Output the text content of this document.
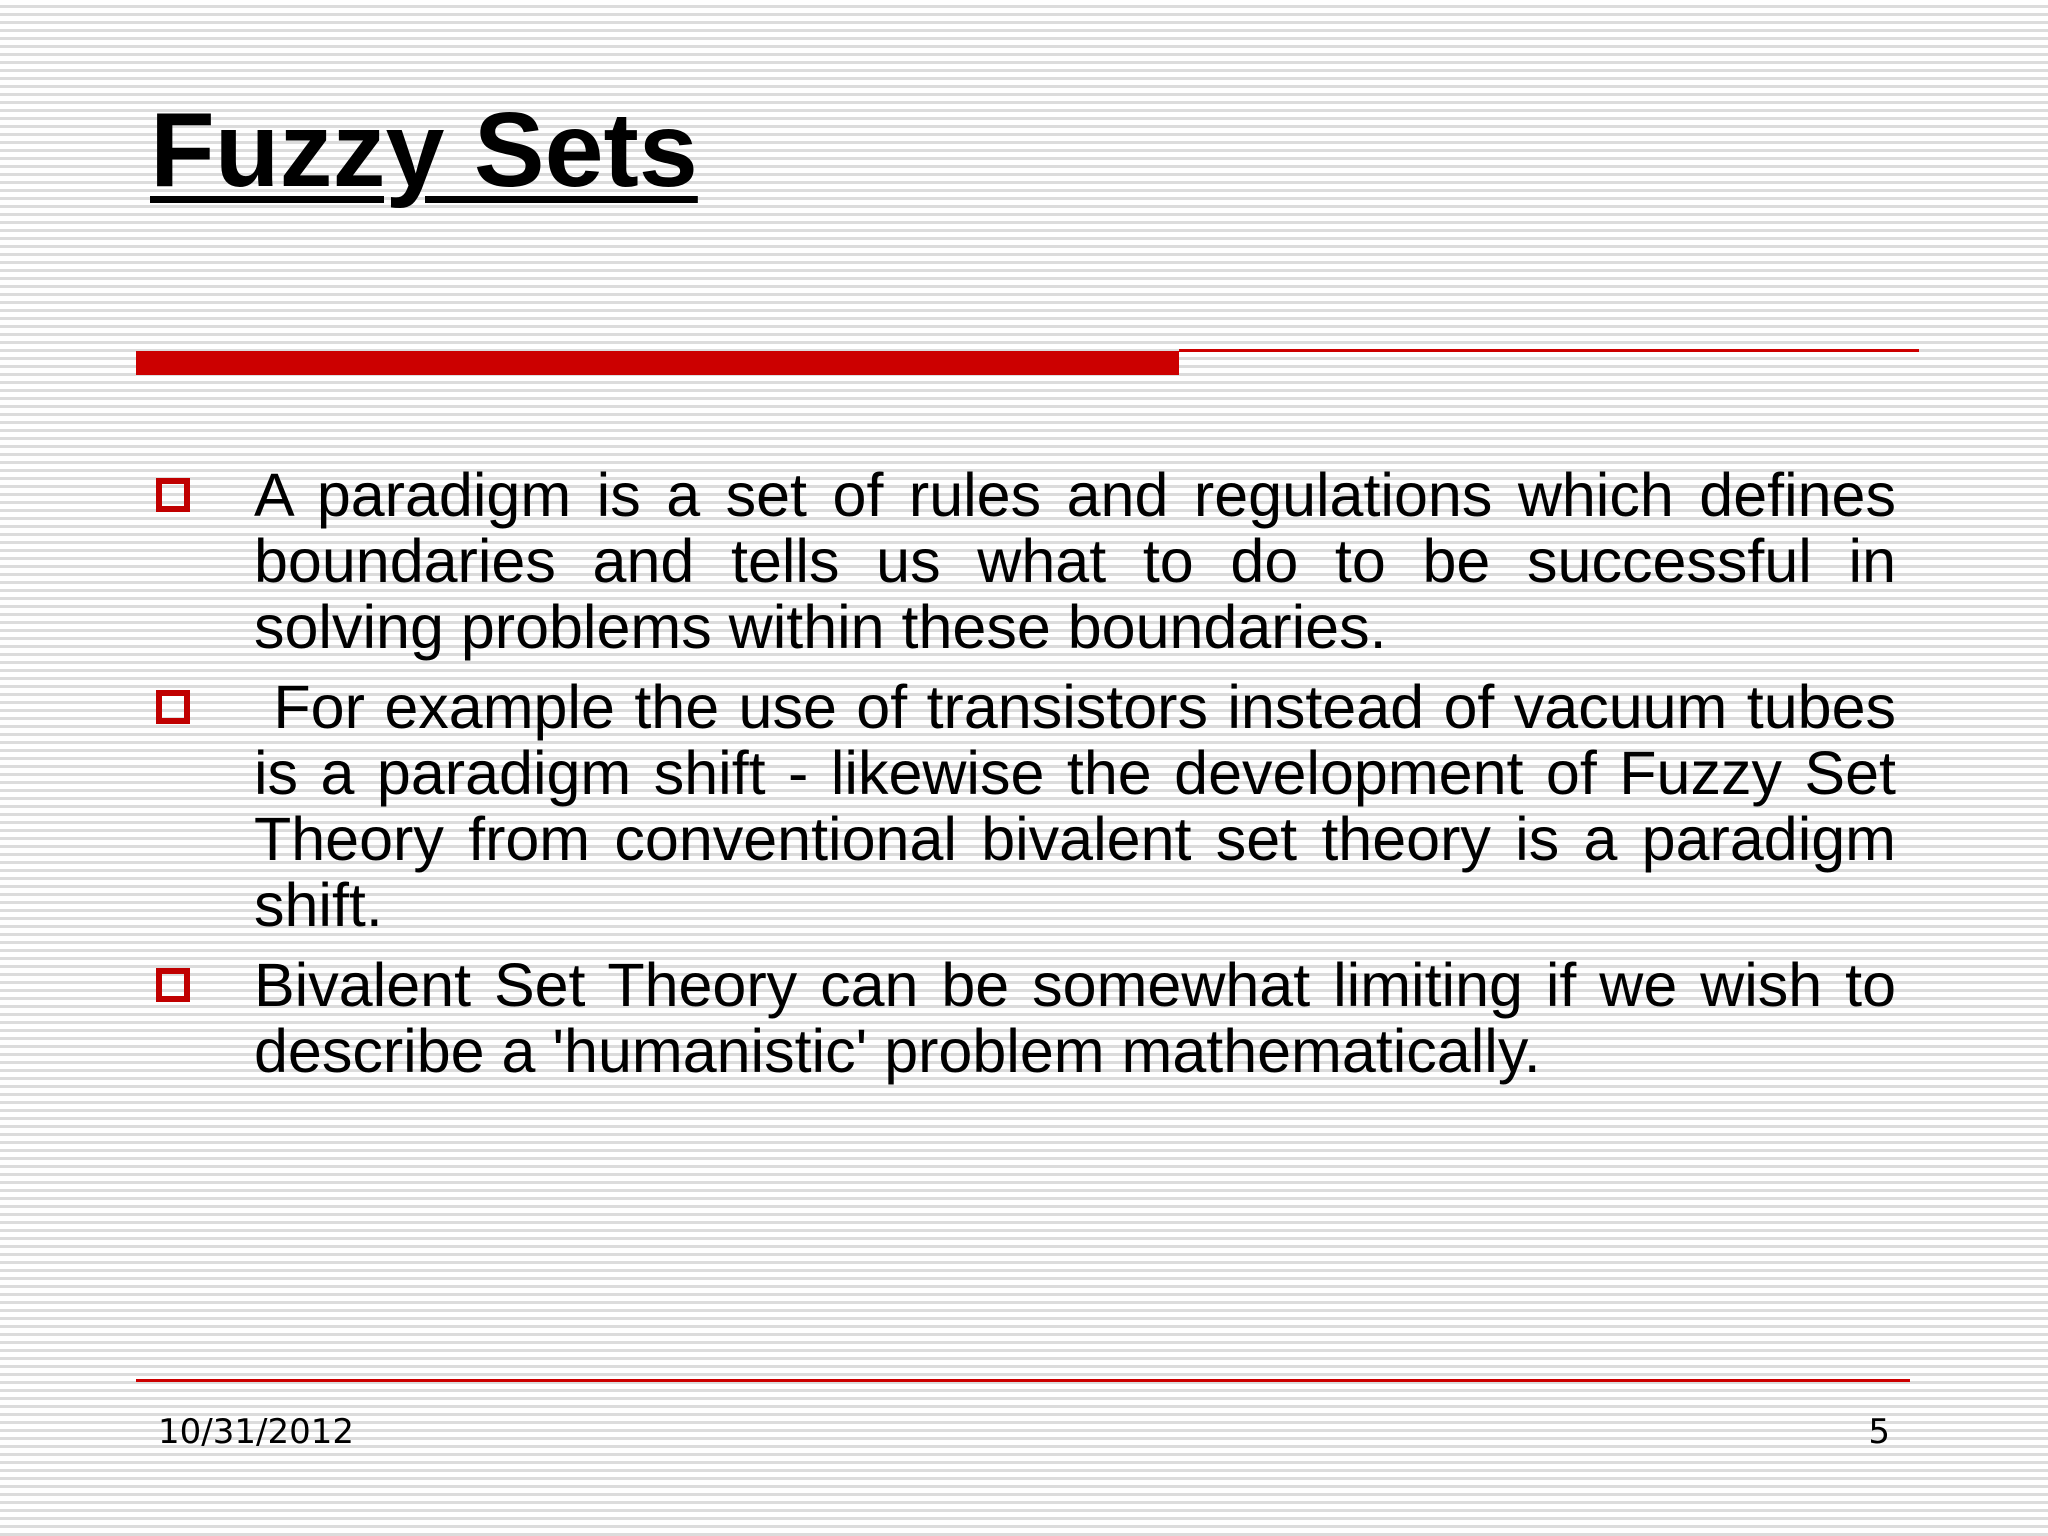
Fuzzy Sets
A paradigm is a set of rules and regulations which defines boundaries and tells us what to do to be successful in solving problems within these boundaries.
For example the use of transistors instead of vacuum tubes is a paradigm shift - likewise the development of Fuzzy Set Theory from conventional bivalent set theory is a paradigm shift.
Bivalent Set Theory can be somewhat limiting if we wish to describe a 'humanistic' problem mathematically.
10/31/2012	5
